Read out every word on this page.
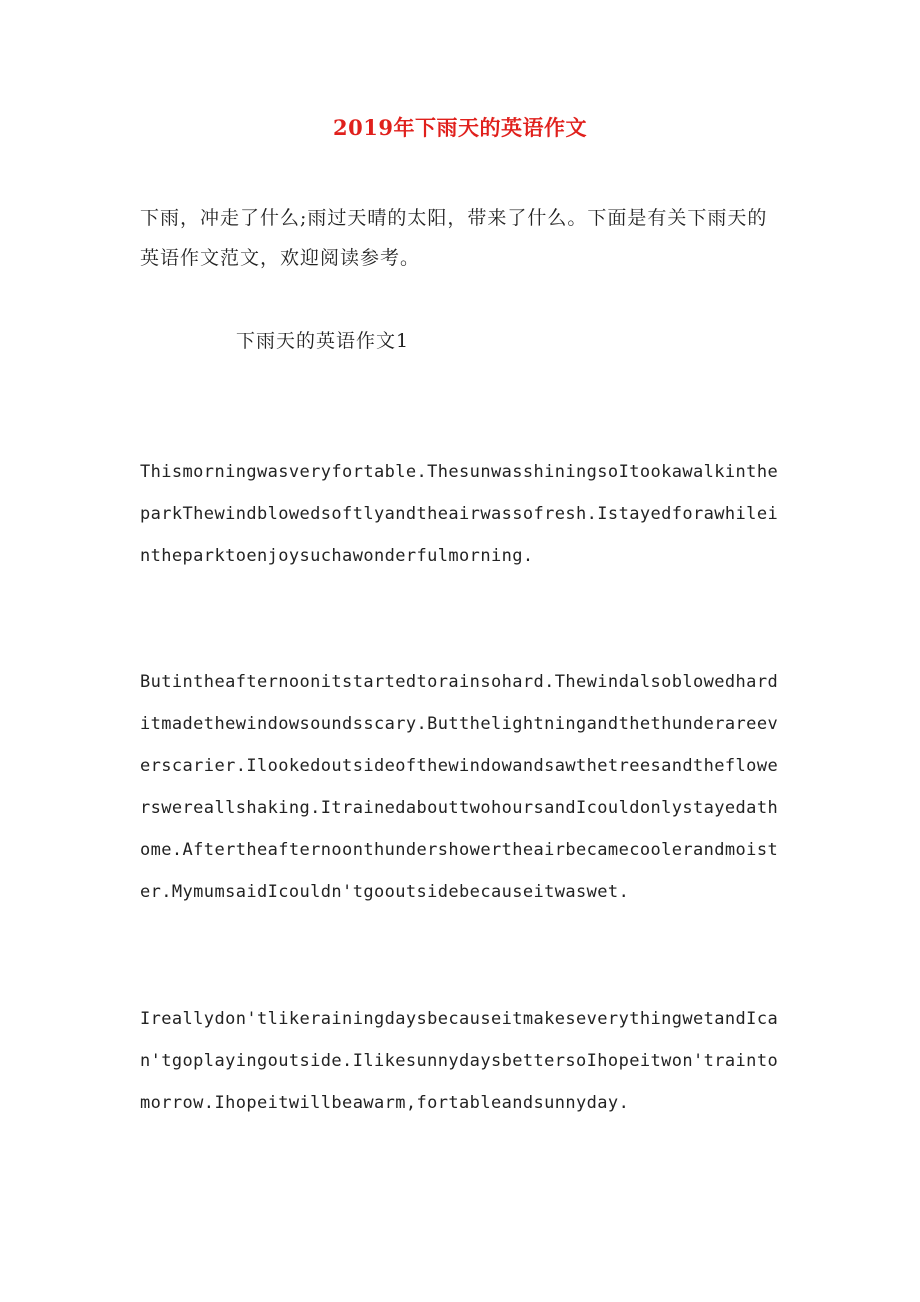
2019年下雨天的英语作文
下雨，冲走了什么;雨过天晴的太阳，带来了什么。下面是有关下雨天的英语作文范文，欢迎阅读参考。
下雨天的英语作文1
Thismorningwasveryfortable.ThesunwasshiningsoItookawalkintheparkThewindblowedsoftlyandtheairwassofresh.Istayedforawhileintheparktoenjoysuchawonderfulmorning.
Butintheafternoonitstartedtorainsohard.Thewindalsoblowedharditmadethewindowsoundsscary.Butthelightningandthethunderareeverscarier.Ilookedoutsideofthewindowandsawthetreesandtheflowerswereallshaking.ItrainedabouttwohoursandIcouldonlystayedathome.Aftertheafternoonthundershowertheairbecamecoolerandmoister.MymumsaidIcouldn'tgooutsidebecauseitwaswet.
Ireallydon'tlikerainingdaysbecauseitmakeseverythingwetandIcan'tgoplayingoutside.IlikesunnydaysbettersoIhopeitwon'traintomorrow.Ihopeitwillbeawarm,fortableandsunnyday.
